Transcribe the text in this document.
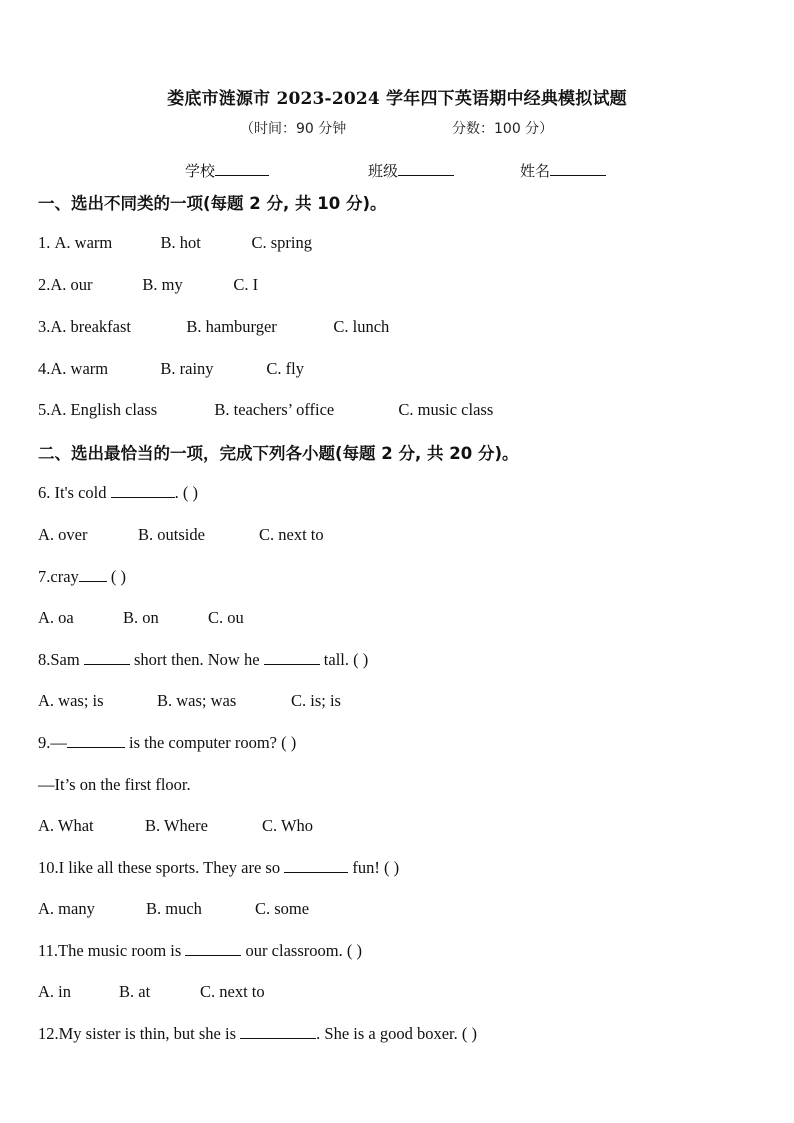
娄底市涟源市 2023-2024 学年四下英语期中经典模拟试题
（时间：90 分钟	分数：100 分）
学校	班级	姓名
一、选出不同类的一项(每题 2 分, 共 10 分)。
1. A. warm	B. hot	C. spring
2.A. our	B. my	C. I
3.A. breakfast	B. hamburger	C. lunch
4.A. warm	B. rainy	C. fly
5.A. English class	B. teachers’ office	C. music class
二、选出最恰当的一项，完成下列各小题(每题 2 分, 共 20 分)。
6. It's cold	. ( )
A. over	B. outside	C. next to
7.cray ( )
A. oa	B. on	C. ou
8.Sam	short then. Now he	tall. ( )
A. was; is	B. was; was	C. is; is
9.—	is the computer room? ( )
—It’s on the first floor.
A. What	B. Where	C. Who
10.I like all these sports. They are so	fun! ( )
A. many	B. much	C. some
11.The music room is	our classroom. ( )
A. in	B. at	C. next to
12.My sister is thin, but she is	. She is a good boxer. ( )
